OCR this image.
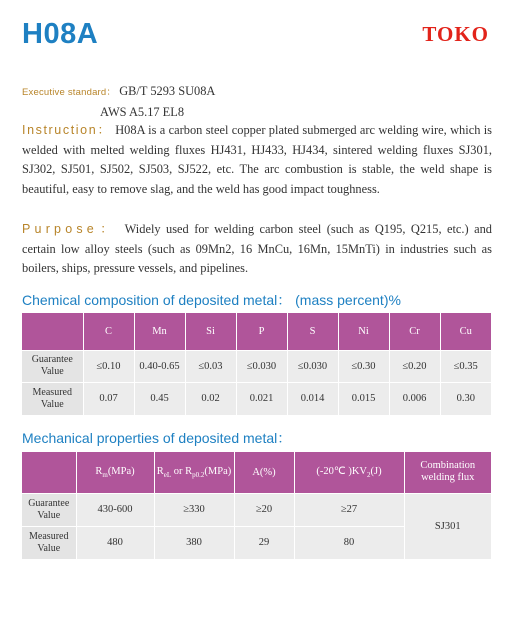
H08A	TOKO
Executive standard： GB/T 5293 SU08A
AWS A5.17 EL8
Instruction： H08A is a carbon steel copper plated submerged arc welding wire, which is welded with melted welding fluxes HJ431, HJ433, HJ434, sintered welding fluxes SJ301, SJ302, SJ501, SJ502, SJ503, SJ522, etc. The arc combustion is stable, the weld shape is beautiful, easy to remove slag, and the weld has good impact toughness.
Purpose： Widely used for welding carbon steel (such as Q195, Q215, etc.) and certain low alloy steels (such as 09Mn2, 16 MnCu, 16Mn, 15MnTi) in industries such as boilers, ships, pressure vessels, and pipelines.
Chemical composition of deposited metal： (mass percent)%
	C	Mn	Si	P	S	Ni	Cr	Cu
Guarantee
Value	≤0.10	0.40-0.65	≤0.03	≤0.030	≤0.030	≤0.30	≤0.20	≤0.35
Measured
Value	0.07	0.45	0.02	0.021	0.014	0.015	0.006	0.30
Mechanical properties of deposited metal：
	$R_m(MPa)$	$R_{eL}$ or $R_{p0.2}(MPa)$	A(%)	(-20℃ )$KV_2(J)$	Combination
welding flux
Guarantee
Value	430-600	≥330	≥20	≥27	SJ301
Measured
Value	480	380	29	80	
